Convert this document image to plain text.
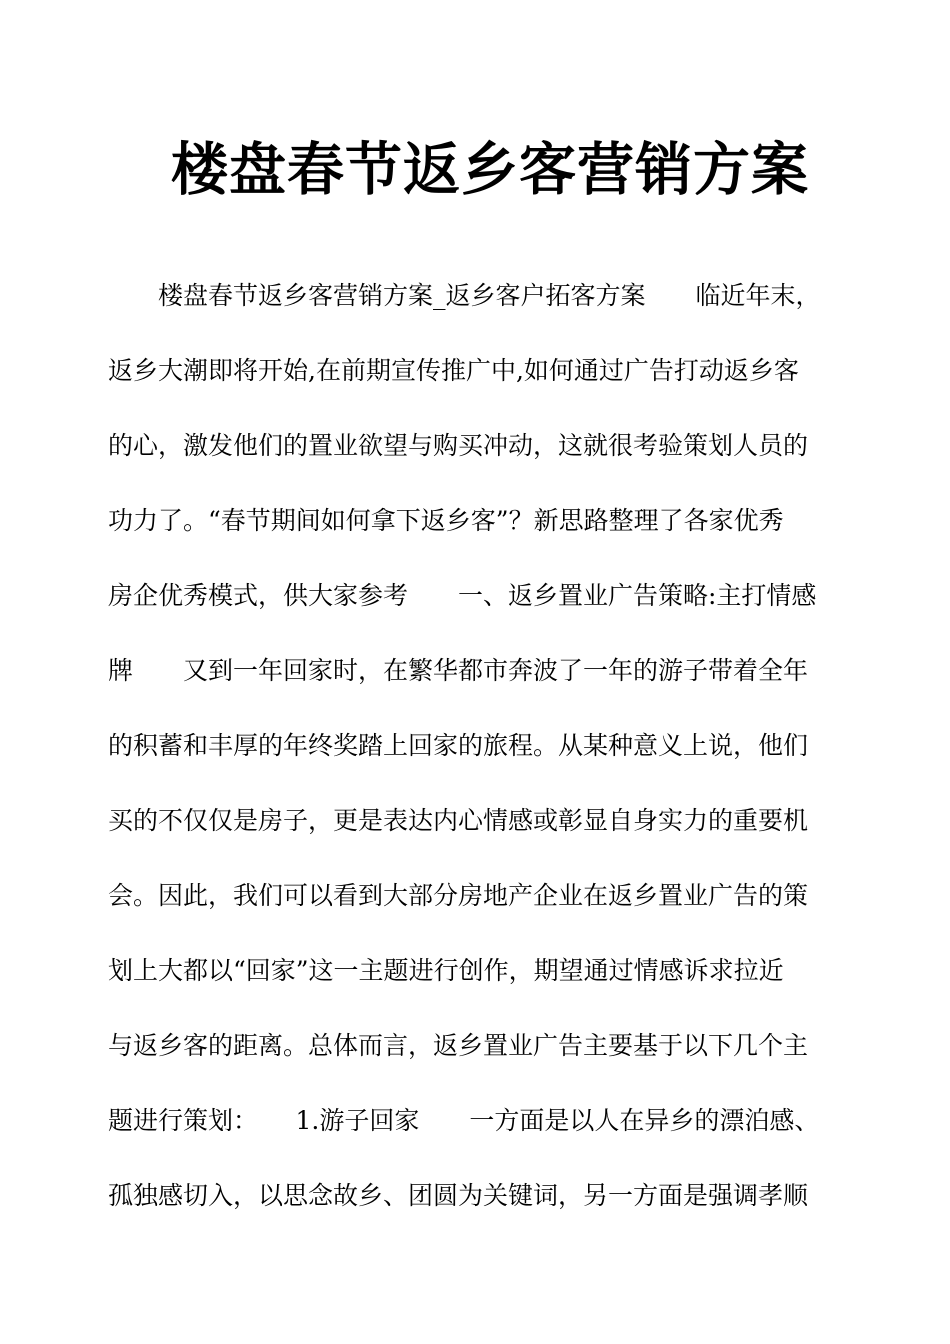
楼盘春节返乡客营销方案
　　楼盘春节返乡客营销方案_返乡客户拓客方案　　临近年末，
返乡大潮即将开始,在前期宣传推广中,如何通过广告打动返乡客
的心，激发他们的置业欲望与购买冲动，这就很考验策划人员的
功力了。“春节期间如何拿下返乡客”？新思路整理了各家优秀
房企优秀模式，供大家参考　　一、返乡置业广告策略:主打情感
牌　　又到一年回家时，在繁华都市奔波了一年的游子带着全年
的积蓄和丰厚的年终奖踏上回家的旅程。从某种意义上说，他们
买的不仅仅是房子，更是表达内心情感或彰显自身实力的重要机
会。因此，我们可以看到大部分房地产企业在返乡置业广告的策
划上大都以“回家”这一主题进行创作，期望通过情感诉求拉近
与返乡客的距离。总体而言，返乡置业广告主要基于以下几个主
题进行策划：　　1.游子回家　　一方面是以人在异乡的漂泊感、
孤独感切入，以思念故乡、团圆为关键词，另一方面是强调孝顺
